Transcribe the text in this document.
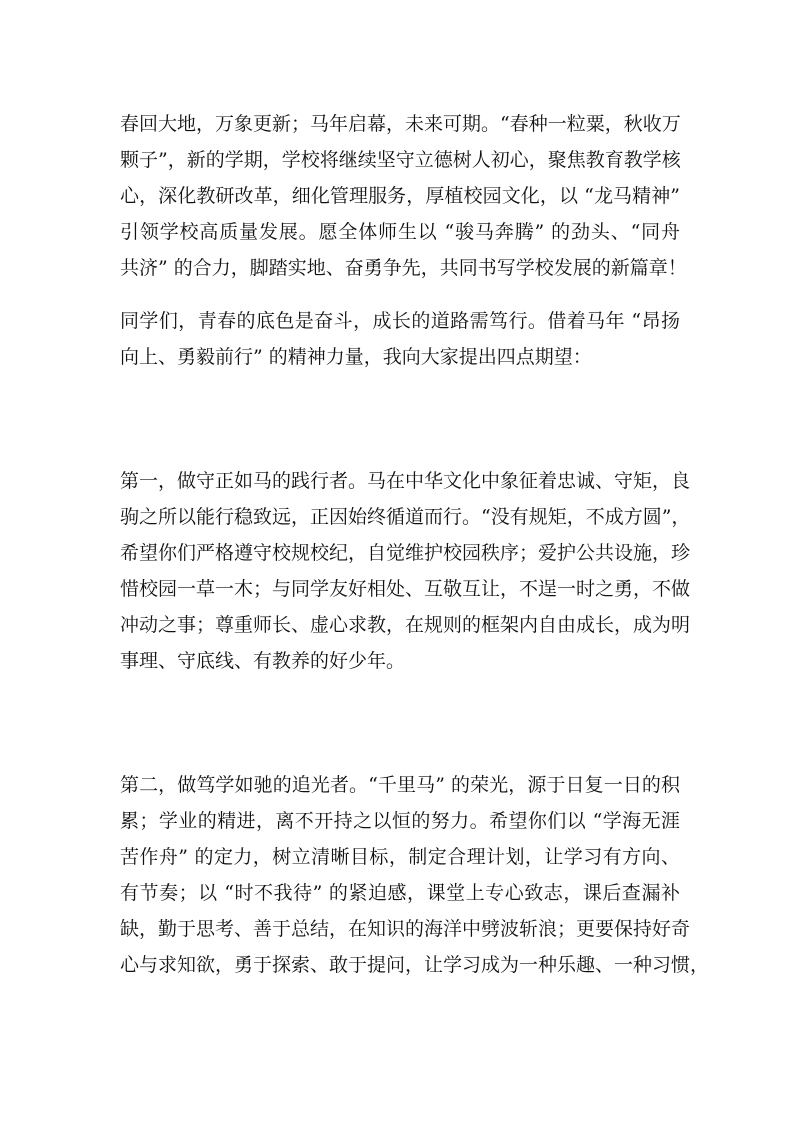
春回大地，万象更新；马年启幕，未来可期。“春种一粒粟，秋收万
颗子”，新的学期，学校将继续坚守立德树人初心，聚焦教育教学核
心，深化教研改革，细化管理服务，厚植校园文化，以 “龙马精神”
引领学校高质量发展。愿全体师生以 “骏马奔腾” 的劲头、“同舟
共济” 的合力，脚踏实地、奋勇争先，共同书写学校发展的新篇章！
同学们，青春的底色是奋斗，成长的道路需笃行。借着马年 “昂扬
向上、勇毅前行” 的精神力量，我向大家提出四点期望：
第一，做守正如马的践行者。马在中华文化中象征着忠诚、守矩，良
驹之所以能行稳致远，正因始终循道而行。“没有规矩，不成方圆”，
希望你们严格遵守校规校纪，自觉维护校园秩序；爱护公共设施，珍
惜校园一草一木；与同学友好相处、互敬互让，不逞一时之勇，不做
冲动之事；尊重师长、虚心求教，在规则的框架内自由成长，成为明
事理、守底线、有教养的好少年。
第二，做笃学如驰的追光者。“千里马” 的荣光，源于日复一日的积
累；学业的精进，离不开持之以恒的努力。希望你们以 “学海无涯
苦作舟” 的定力，树立清晰目标，制定合理计划，让学习有方向、
有节奏；以 “时不我待” 的紧迫感，课堂上专心致志，课后查漏补
缺，勤于思考、善于总结，在知识的海洋中劈波斩浪；更要保持好奇
心与求知欲，勇于探索、敢于提问，让学习成为一种乐趣、一种习惯，
